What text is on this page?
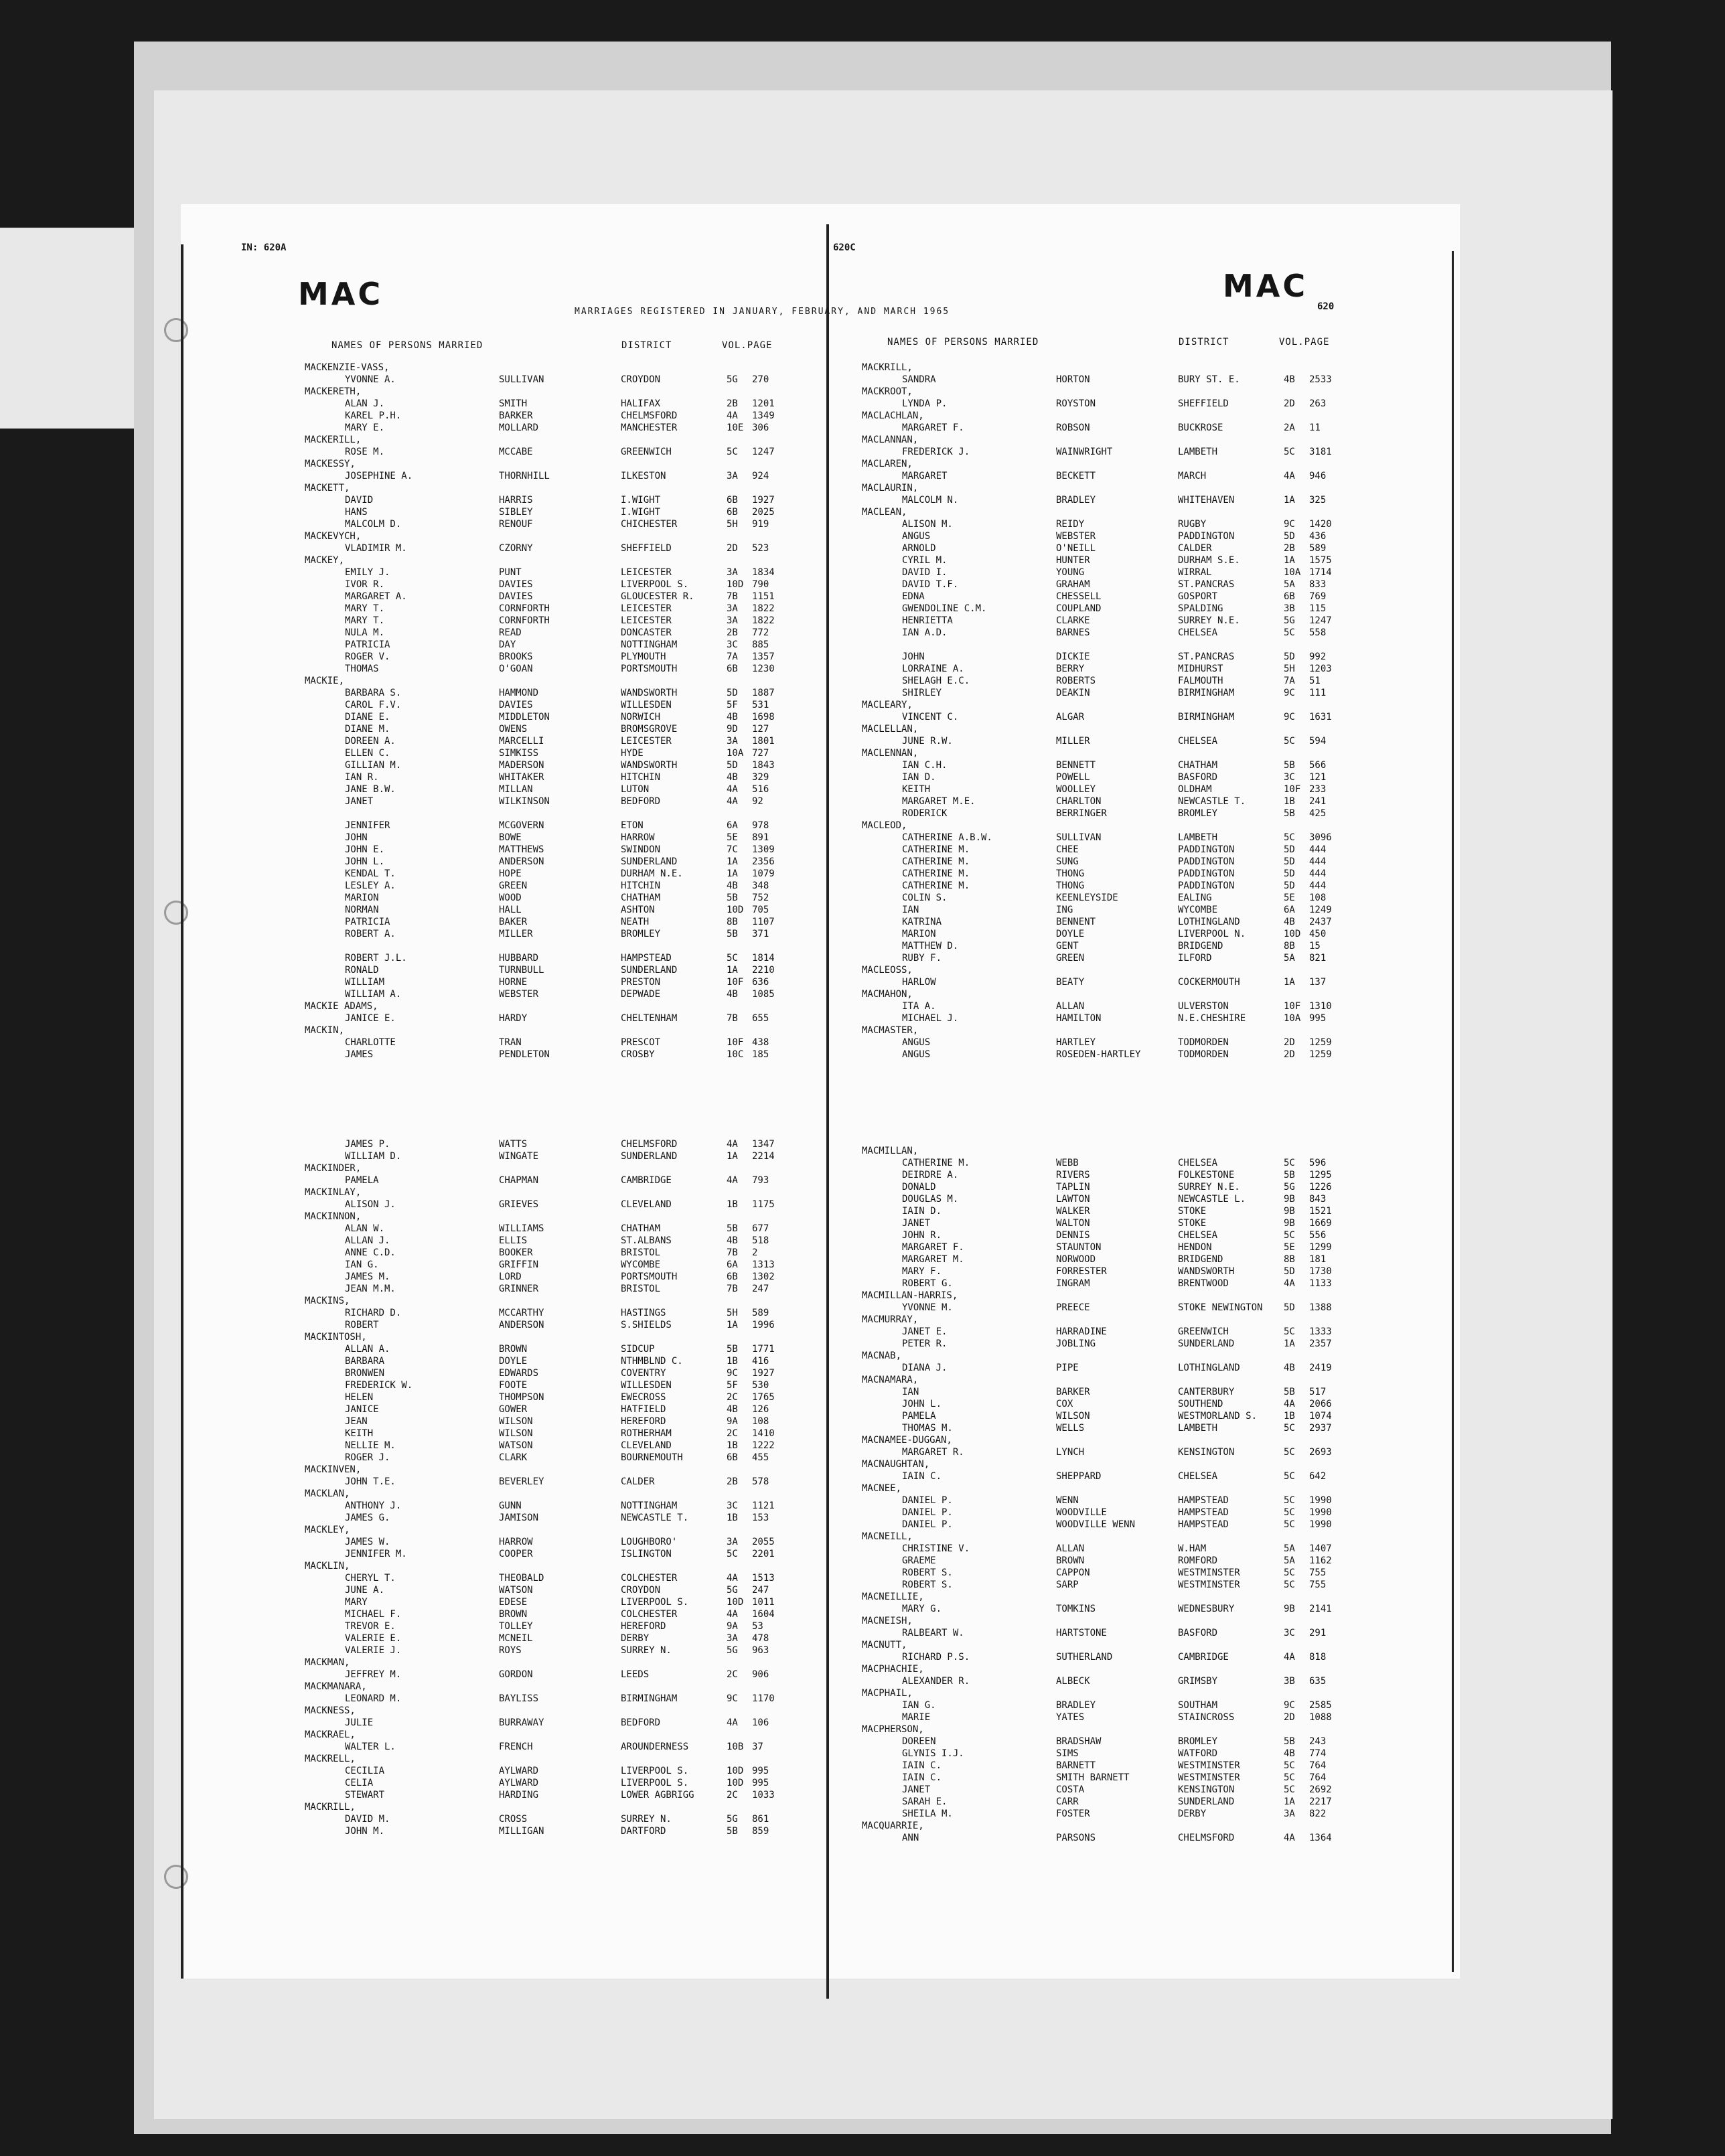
IN: 620A	620C
620
MAC	MAC
MARRIAGES REGISTERED IN JANUARY, FEBRUARY, AND MARCH 1965
NAMES OF PERSONS MARRIED	DISTRICT	VOL.PAGE	NAMES OF PERSONS MARRIED	DISTRICT	VOL.PAGE
MACKENZIE-VASS,
YVONNE A.	SULLIVAN	CROYDON	5G 270
MACKERETH,
ALAN J.	SMITH	HALIFAX	2B 1201
KAREL P.H.	BARKER	CHELMSFORD	4A 1349
MARY E.	MOLLARD	MANCHESTER	10E 306
MACKERILL,
ROSE M.	MCCABE	GREENWICH	5C 1247
MACKESSY,
JOSEPHINE A.	THORNHILL	ILKESTON	3A 924
MACKETT,
DAVID	HARRIS	I.WIGHT	6B 1927
HANS	SIBLEY	I.WIGHT	6B 2025
MALCOLM D.	RENOUF	CHICHESTER	5H 919
MACKEVYCH,
VLADIMIR M.	CZORNY	SHEFFIELD	2D 523
MACKEY,
EMILY J.	PUNT	LEICESTER	3A 1834
IVOR R.	DAVIES	LIVERPOOL S.	10D 790
MARGARET A.	DAVIES	GLOUCESTER R.	7B 1151
MARY T.	CORNFORTH	LEICESTER	3A 1822
MARY T.	CORNFORTH	LEICESTER	3A 1822
NULA M.	READ	DONCASTER	2B 772
PATRICIA	DAY	NOTTINGHAM	3C 885
ROGER V.	BROOKS	PLYMOUTH	7A 1357
THOMAS	O'GOAN	PORTSMOUTH	6B 1230
MACKIE,
BARBARA S.	HAMMOND	WANDSWORTH	5D 1887
CAROL F.V.	DAVIES	WILLESDEN	5F 531
DIANE E.	MIDDLETON	NORWICH	4B 1698
DIANE M.	OWENS	BROMSGROVE	9D 127
DOREEN A.	MARCELLI	LEICESTER	3A 1801
ELLEN C.	SIMKISS	HYDE	10A 727
GILLIAN M.	MADERSON	WANDSWORTH	5D 1843
IAN R.	WHITAKER	HITCHIN	4B 329
JANE B.W.	MILLAN	LUTON	4A 516
JANET	WILKINSON	BEDFORD	4A 92
JENNIFER	MCGOVERN	ETON	6A 978
JOHN	BOWE	HARROW	5E 891
JOHN E.	MATTHEWS	SWINDON	7C 1309
JOHN L.	ANDERSON	SUNDERLAND	1A 2356
KENDAL T.	HOPE	DURHAM N.E.	1A 1079
LESLEY A.	GREEN	HITCHIN	4B 348
MARION	WOOD	CHATHAM	5B 752
NORMAN	HALL	ASHTON	10D 705
PATRICIA	BAKER	NEATH	8B 1107
ROBERT A.	MILLER	BROMLEY	5B 371
ROBERT J.L.	HUBBARD	HAMPSTEAD	5C 1814
RONALD	TURNBULL	SUNDERLAND	1A 2210
WILLIAM	HORNE	PRESTON	10F 636
WILLIAM A.	WEBSTER	DEPWADE	4B 1085
MACKIE ADAMS,
JANICE E.	HARDY	CHELTENHAM	7B 655
MACKIN,
CHARLOTTE	TRAN	PRESCOT	10F 438
JAMES	PENDLETON	CROSBY	10C 185
MACKRILL,
SANDRA	HORTON	BURY ST. E.	4B 2533
MACKROOT,
LYNDA P.	ROYSTON	SHEFFIELD	2D 263
MACLACHLAN,
MARGARET F.	ROBSON	BUCKROSE	2A 11
MACLANNAN,
FREDERICK J.	WAINWRIGHT	LAMBETH	5C 3181
MACLAREN,
MARGARET	BECKETT	MARCH	4A 946
MACLAURIN,
MALCOLM N.	BRADLEY	WHITEHAVEN	1A 325
MACLEAN,
ALISON M.	REIDY	RUGBY	9C 1420
ANGUS	WEBSTER	PADDINGTON	5D 436
ARNOLD	O'NEILL	CALDER	2B 589
CYRIL M.	HUNTER	DURHAM S.E.	1A 1575
DAVID I.	YOUNG	WIRRAL	10A 1714
DAVID T.F.	GRAHAM	ST.PANCRAS	5A 833
EDNA	CHESSELL	GOSPORT	6B 769
GWENDOLINE C.M.	COUPLAND	SPALDING	3B 115
HENRIETTA	CLARKE	SURREY N.E.	5G 1247
IAN A.D.	BARNES	CHELSEA	5C 558
JOHN	DICKIE	ST.PANCRAS	5D 992
LORRAINE A.	BERRY	MIDHURST	5H 1203
SHELAGH E.C.	ROBERTS	FALMOUTH	7A 51
SHIRLEY	DEAKIN	BIRMINGHAM	9C 111
MACLEARY,
VINCENT C.	ALGAR	BIRMINGHAM	9C 1631
MACLELLAN,
JUNE R.W.	MILLER	CHELSEA	5C 594
MACLENNAN,
IAN C.H.	BENNETT	CHATHAM	5B 566
IAN D.	POWELL	BASFORD	3C 121
KEITH	WOOLLEY	OLDHAM	10F 233
MARGARET M.E.	CHARLTON	NEWCASTLE T.	1B 241
RODERICK	BERRINGER	BROMLEY	5B 425
MACLEOD,
CATHERINE A.B.W.	SULLIVAN	LAMBETH	5C 3096
CATHERINE M.	CHEE	PADDINGTON	5D 444
CATHERINE M.	SUNG	PADDINGTON	5D 444
CATHERINE M.	THONG	PADDINGTON	5D 444
CATHERINE M.	THONG	PADDINGTON	5D 444
COLIN S.	KEENLEYSIDE	EALING	5E 108
IAN	ING	WYCOMBE	6A 1249
KATRINA	BENNENT	LOTHINGLAND	4B 2437
MARION	DOYLE	LIVERPOOL N.	10D 450
MATTHEW D.	GENT	BRIDGEND	8B 15
RUBY F.	GREEN	ILFORD	5A 821
MACLEOSS,
HARLOW	BEATY	COCKERMOUTH	1A 137
MACMAHON,
ITA A.	ALLAN	ULVERSTON	10F 1310
MICHAEL J.	HAMILTON	N.E.CHESHIRE	10A 995
MACMASTER,
ANGUS	HARTLEY	TODMORDEN	2D 1259
ANGUS	ROSEDEN-HARTLEY	TODMORDEN	2D 1259
JAMES P.	WATTS	CHELMSFORD	4A 1347
WILLIAM D.	WINGATE	SUNDERLAND	1A 2214
MACKINDER,
PAMELA	CHAPMAN	CAMBRIDGE	4A 793
MACKINLAY,
ALISON J.	GRIEVES	CLEVELAND	1B 1175
MACKINNON,
ALAN W.	WILLIAMS	CHATHAM	5B 677
ALLAN J.	ELLIS	ST.ALBANS	4B 518
ANNE C.D.	BOOKER	BRISTOL	7B 2
IAN G.	GRIFFIN	WYCOMBE	6A 1313
JAMES M.	LORD	PORTSMOUTH	6B 1302
JEAN M.M.	GRINNER	BRISTOL	7B 247
MACKINS,
RICHARD D.	MCCARTHY	HASTINGS	5H 589
ROBERT	ANDERSON	S.SHIELDS	1A 1996
MACKINTOSH,
ALLAN A.	BROWN	SIDCUP	5B 1771
BARBARA	DOYLE	NTHMBLND C.	1B 416
BRONWEN	EDWARDS	COVENTRY	9C 1927
FREDERICK W.	FOOTE	WILLESDEN	5F 530
HELEN	THOMPSON	EWECROSS	2C 1765
JANICE	GOWER	HATFIELD	4B 126
JEAN	WILSON	HEREFORD	9A 108
KEITH	WILSON	ROTHERHAM	2C 1410
NELLIE M.	WATSON	CLEVELAND	1B 1222
ROGER J.	CLARK	BOURNEMOUTH	6B 455
MACKINVEN,
JOHN T.E.	BEVERLEY	CALDER	2B 578
MACKLAN,
ANTHONY J.	GUNN	NOTTINGHAM	3C 1121
JAMES G.	JAMISON	NEWCASTLE T.	1B 153
MACKLEY,
JAMES W.	HARROW	LOUGHBORO'	3A 2055
JENNIFER M.	COOPER	ISLINGTON	5C 2201
MACKLIN,
CHERYL T.	THEOBALD	COLCHESTER	4A 1513
JUNE A.	WATSON	CROYDON	5G 247
MARY	EDESE	LIVERPOOL S.	10D 1011
MICHAEL F.	BROWN	COLCHESTER	4A 1604
TREVOR E.	TOLLEY	HEREFORD	9A 53
VALERIE E.	MCNEIL	DERBY	3A 478
VALERIE J.	ROYS	SURREY N.	5G 963
MACKMAN,
JEFFREY M.	GORDON	LEEDS	2C 906
MACKMANARA,
LEONARD M.	BAYLISS	BIRMINGHAM	9C 1170
MACKNESS,
JULIE	BURRAWAY	BEDFORD	4A 106
MACKRAEL,
WALTER L.	FRENCH	AROUNDERNESS	10B 37
MACKRELL,
CECILIA	AYLWARD	LIVERPOOL S.	10D 995
CELIA	AYLWARD	LIVERPOOL S.	10D 995
STEWART	HARDING	LOWER AGBRIGG	2C 1033
MACKRILL,
DAVID M.	CROSS	SURREY N.	5G 861
JOHN M.	MILLIGAN	DARTFORD	5B 859
MACMILLAN,
CATHERINE M.	WEBB	CHELSEA	5C 596
DEIRDRE A.	RIVERS	FOLKESTONE	5B 1295
DONALD	TAPLIN	SURREY N.E.	5G 1226
DOUGLAS M.	LAWTON	NEWCASTLE L.	9B 843
IAIN D.	WALKER	STOKE	9B 1521
JANET	WALTON	STOKE	9B 1669
JOHN R.	DENNIS	CHELSEA	5C 556
MARGARET F.	STAUNTON	HENDON	5E 1299
MARGARET M.	NORWOOD	BRIDGEND	8B 181
MARY F.	FORRESTER	WANDSWORTH	5D 1730
ROBERT G.	INGRAM	BRENTWOOD	4A 1133
MACMILLAN-HARRIS,
YVONNE M.	PREECE	STOKE NEWINGTON 5D 1388
MACMURRAY,
JANET E.	HARRADINE	GREENWICH	5C 1333
PETER R.	JOBLING	SUNDERLAND	1A 2357
MACNAB,
DIANA J.	PIPE	LOTHINGLAND	4B 2419
MACNAMARA,
IAN	BARKER	CANTERBURY	5B 517
JOHN L.	COX	SOUTHEND	4A 2066
PAMELA	WILSON	WESTMORLAND S.	1B 1074
THOMAS M.	WELLS	LAMBETH	5C 2937
MACNAMEE-DUGGAN,
MARGARET R.	LYNCH	KENSINGTON	5C 2693
MACNAUGHTAN,
IAIN C.	SHEPPARD	CHELSEA	5C 642
MACNEE,
DANIEL P.	WENN	HAMPSTEAD	5C 1990
DANIEL P.	WOODVILLE	HAMPSTEAD	5C 1990
DANIEL P.	WOODVILLE WENN	HAMPSTEAD	5C 1990
MACNEILL,
CHRISTINE V.	ALLAN	W.HAM	5A 1407
GRAEME	BROWN	ROMFORD	5A 1162
ROBERT S.	CAPPON	WESTMINSTER	5C 755
ROBERT S.	SARP	WESTMINSTER	5C 755
MACNEILLIE,
MARY G.	TOMKINS	WEDNESBURY	9B 2141
MACNEISH,
RALBEART W.	HARTSTONE	BASFORD	3C 291
MACNUTT,
RICHARD P.S.	SUTHERLAND	CAMBRIDGE	4A 818
MACPHACHIE,
ALEXANDER R.	ALBECK	GRIMSBY	3B 635
MACPHAIL,
IAN G.	BRADLEY	SOUTHAM	9C 2585
MARIE	YATES	STAINCROSS	2D 1088
MACPHERSON,
DOREEN	BRADSHAW	BROMLEY	5B 243
GLYNIS I.J.	SIMS	WATFORD	4B 774
IAIN C.	BARNETT	WESTMINSTER	5C 764
IAIN C.	SMITH BARNETT	WESTMINSTER	5C 764
JANET	COSTA	KENSINGTON	5C 2692
SARAH E.	CARR	SUNDERLAND	1A 2217
SHEILA M.	FOSTER	DERBY	3A 822
MACQUARRIE,
ANN	PARSONS	CHELMSFORD	4A 1364
